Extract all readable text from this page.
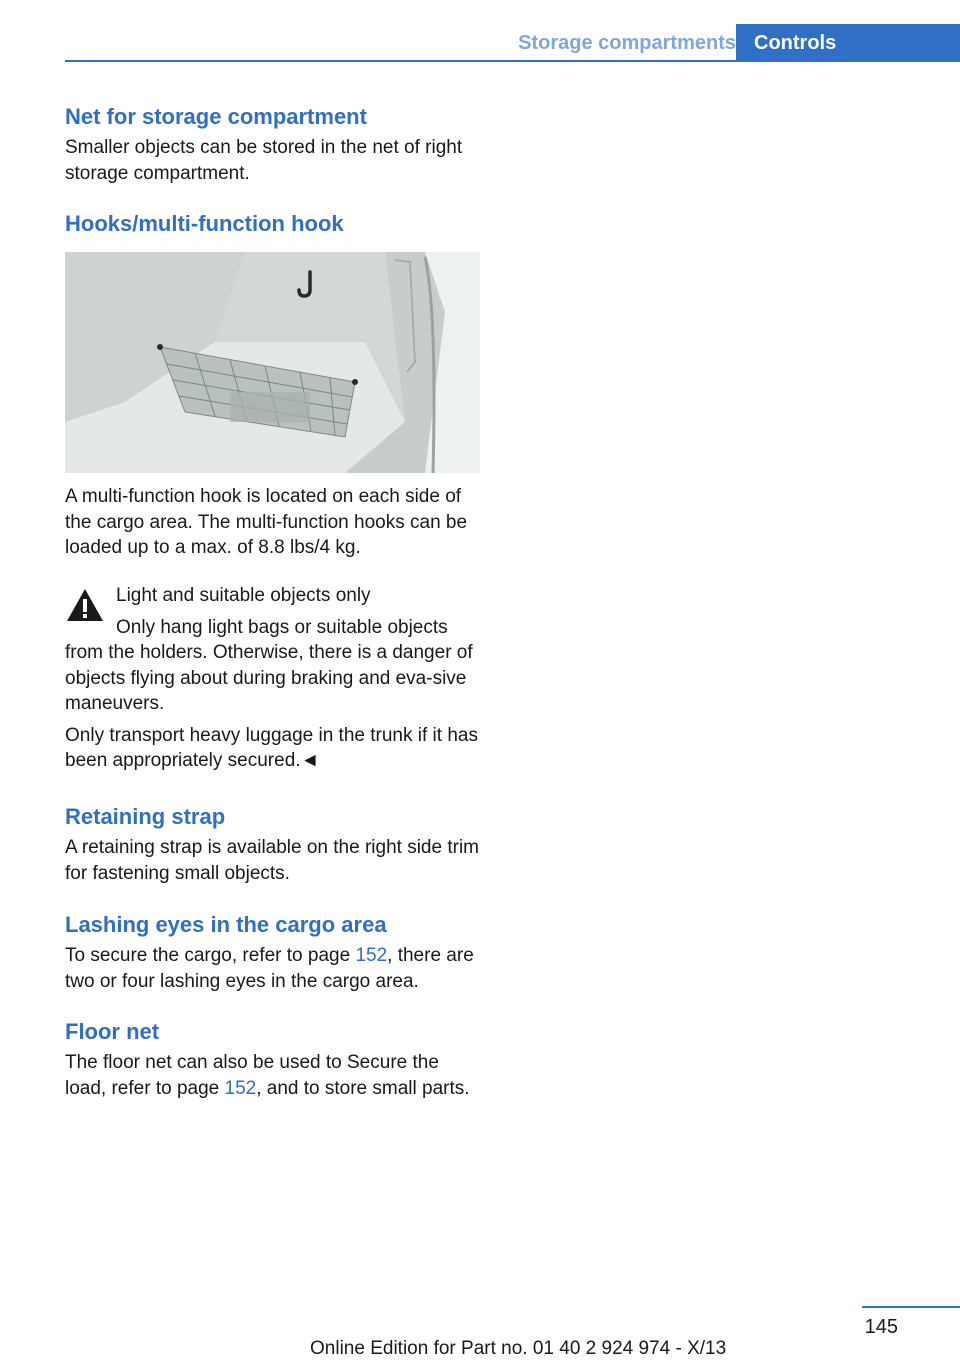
Storage compartments Controls
Net for storage compartment

Smaller objects can be stored in the net of right storage compartment.

Hooks/multi-function hook

A multi-function hook is located on each side of the cargo area. The multi-function hooks can be loaded up to a max. of 8.8 lbs/4 kg.

Light and suitable objects only

Only hang light bags or suitable objects

from the holders. Otherwise, there is a danger of objects flying about during braking and eva-sive maneuvers.

Only transport heavy luggage in the trunk if it has been appropriately secured.◄

Retaining strap

A retaining strap is available on the right side trim for fastening small objects.

Lashing eyes in the cargo area

To secure the cargo, refer to page 152, there are two or four lashing eyes in the cargo area.

Floor net

The floor net can also be used to Secure the load, refer to page 152, and to store small parts.

145
Online Edition for Part no. 01 40 2 924 974 - X/13
